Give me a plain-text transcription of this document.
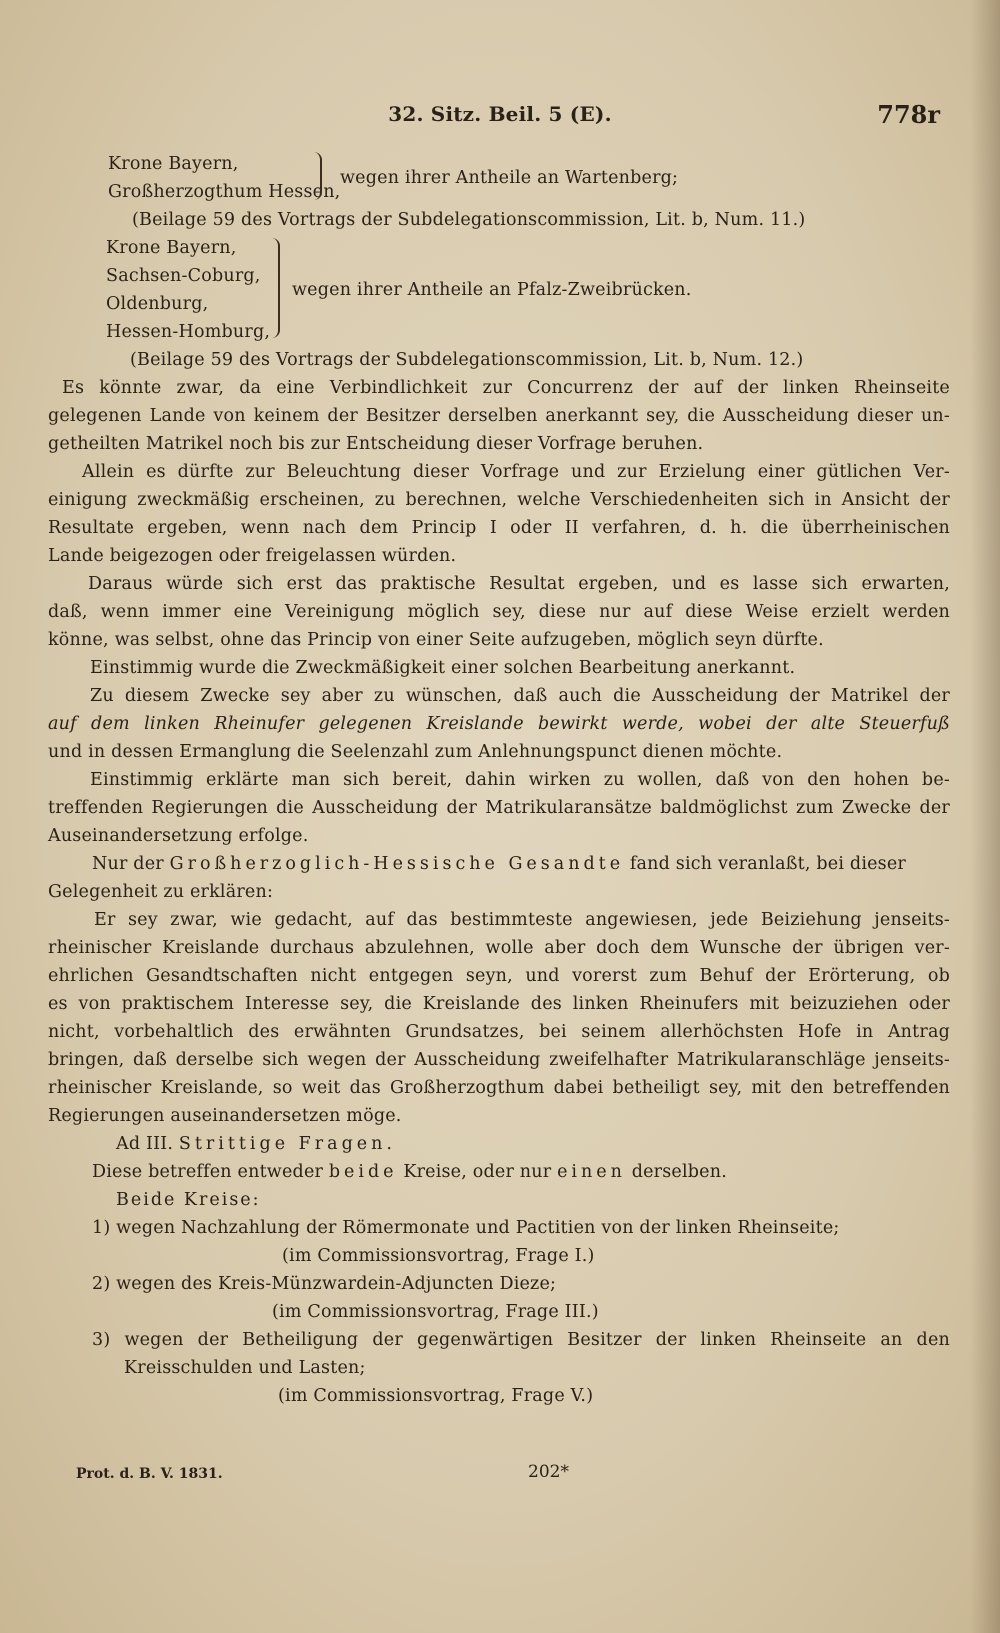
32. Sitz. Beil. 5 (E).	778r
Krone Bayern,
Großherzogthum Hessen,
wegen ihrer Antheile an Wartenberg;
(Beilage 59 des Vortrags der Subdelegationscommission, Lit. b, Num. 11.)
Krone Bayern,
Sachsen-Coburg,
Oldenburg,
Hessen-Homburg,
wegen ihrer Antheile an Pfalz-Zweibrücken.
(Beilage 59 des Vortrags der Subdelegationscommission, Lit. b, Num. 12.)
Es könnte zwar, da eine Verbindlichkeit zur Concurrenz der auf der linken Rheinseite
gelegenen Lande von keinem der Besitzer derselben anerkannt sey, die Ausscheidung dieser un-
getheilten Matrikel noch bis zur Entscheidung dieser Vorfrage beruhen.
Allein es dürfte zur Beleuchtung dieser Vorfrage und zur Erzielung einer gütlichen Ver-
einigung zweckmäßig erscheinen, zu berechnen, welche Verschiedenheiten sich in Ansicht der
Resultate ergeben, wenn nach dem Princip I oder II verfahren, d. h. die überrheinischen
Lande beigezogen oder freigelassen würden.
Daraus würde sich erst das praktische Resultat ergeben, und es lasse sich erwarten,
daß, wenn immer eine Vereinigung möglich sey, diese nur auf diese Weise erzielt werden
könne, was selbst, ohne das Princip von einer Seite aufzugeben, möglich seyn dürfte.
Einstimmig wurde die Zweckmäßigkeit einer solchen Bearbeitung anerkannt.
Zu diesem Zwecke sey aber zu wünschen, daß auch die Ausscheidung der Matrikel der
auf dem linken Rheinufer gelegenen Kreislande bewirkt werde, wobei der alte Steuerfuß
und in dessen Ermanglung die Seelenzahl zum Anlehnungspunct dienen möchte.
Einstimmig erklärte man sich bereit, dahin wirken zu wollen, daß von den hohen be-
treffenden Regierungen die Ausscheidung der Matrikularansätze baldmöglichst zum Zwecke der
Auseinandersetzung erfolge.
Nur der Großherzoglich-Hessische Gesandte fand sich veranlaßt, bei dieser
Gelegenheit zu erklären:
Er sey zwar, wie gedacht, auf das bestimmteste angewiesen, jede Beiziehung jenseits-
rheinischer Kreislande durchaus abzulehnen, wolle aber doch dem Wunsche der übrigen ver-
ehrlichen Gesandtschaften nicht entgegen seyn, und vorerst zum Behuf der Erörterung, ob
es von praktischem Interesse sey, die Kreislande des linken Rheinufers mit beizuziehen oder
nicht, vorbehaltlich des erwähnten Grundsatzes, bei seinem allerhöchsten Hofe in Antrag
bringen, daß derselbe sich wegen der Ausscheidung zweifelhafter Matrikularanschläge jenseits-
rheinischer Kreislande, so weit das Großherzogthum dabei betheiligt sey, mit den betreffenden
Regierungen auseinandersetzen möge.
Ad III. Strittige Fragen.
Diese betreffen entweder beide Kreise, oder nur einen derselben.
Beide Kreise:
1) wegen Nachzahlung der Römermonate und Pactitien von der linken Rheinseite;
(im Commissionsvortrag, Frage I.)
2) wegen des Kreis-Münzwardein-Adjuncten Dieze;
(im Commissionsvortrag, Frage III.)
3) wegen der Betheiligung der gegenwärtigen Besitzer der linken Rheinseite an den
Kreisschulden und Lasten;
(im Commissionsvortrag, Frage V.)
Prot. d. B. V. 1831.	202*
